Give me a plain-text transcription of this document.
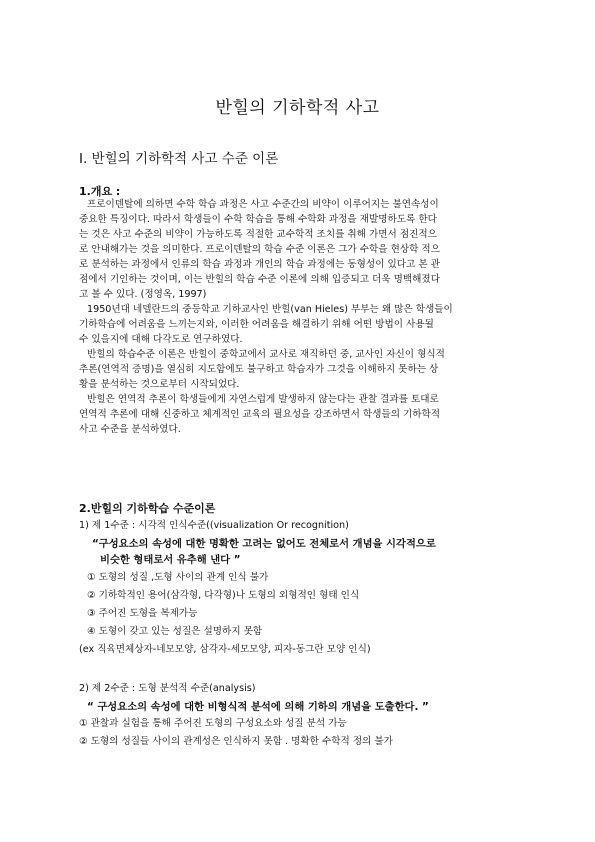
반힐의 기하학적 사고
Ⅰ. 반힐의 기하학적 사고 수준 이론
1.개요 :
프로이덴탈에 의하면 수학 학습 과정은 사고 수준간의 비약이 이루어지는 불연속성이
중요한 특징이다. 따라서 학생들이 수학 학습을 통해 수학화 과정을 재발명하도록 한다
는 것은 사고 수준의 비약이 가능하도록 적절한 교수학적 조치를 취해 가면서 점진적으
로 안내해가는 것을 의미한다. 프로이덴탈의 학습 수준 이론은 그가 수학을 현상학 적으
로 분석하는 과정에서 인류의 학습 과정과 개인의 학습 과정에는 동형성이 있다고 본 관
점에서 기인하는 것이며, 이는 반힐의 학습 수준 이론에 의해 입증되고 더욱 명백해졌다
고 볼 수 있다. (정영옥, 1997)
1950년대 네델란드의 중등학교 기하교사인 반힐(van Hieles) 부부는 왜 많은 학생들이
기하학습에 어려움을 느끼는지와, 이러한 어려움을 해결하기 위해 어떤 방법이 사용될
수 있을지에 대해 다각도로 연구하였다.
반힐의 학습수준 이론은 반힐이 중학교에서 교사로 재직하던 중, 교사인 자신이 형식적
추론(연역적 증명)을 열심히 지도함에도 불구하고 학습자가 그것을 이해하지 못하는 상
황을 분석하는 것으로부터 시작되었다.
반힐은 연역적 추론이 학생들에게 자연스럽게 발생하지 않는다는 관찰 결과를 토대로
연역적 추론에 대해 신중하고 체계적인 교육의 필요성을 강조하면서 학생들의 기하학적
사고 수준을 분석하였다.
2.반힐의 기하학습 수준이론
1) 제 1수준 : 시각적 인식수준((visualization Or recognition)
“구성요소의 속성에 대한 명확한 고려는 없어도 전체로서 개념을 시각적으로
비슷한 형태로서 유추해 낸다 ”
① 도형의 성질 ,도형 사이의 관계 인식 불가
② 기하학적인 용어(삼각형, 다각형)나 도형의 외형적인 형태 인식
③ 주어진 도형을 복제가능
④ 도형이 갖고 있는 성질은 설명하지 못함
(ex 직육면체상자-네모모양, 삼각자-세모모양, 피자-동그란 모양 인식)
2) 제 2수준 : 도형 분석적 수준(analysis)
“ 구성요소의 속성에 대한 비형식적 분석에 의해 기하의 개념을 도출한다. ”
① 관찰과 실험을 통해 주어진 도형의 구성요소와 성질 분석 가능
② 도형의 성질들 사이의 관계성은 인식하지 못함 . 명확한 수학적 정의 불가
